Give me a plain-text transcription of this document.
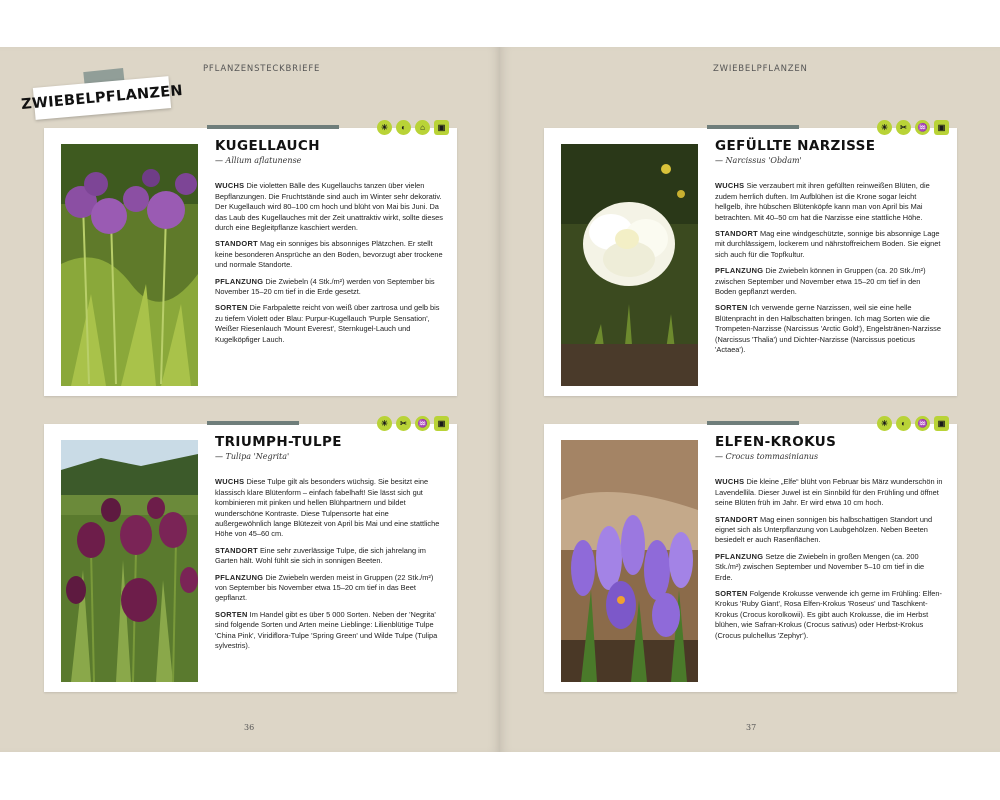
PFLANZENSTECKBRIEFE	ZWIEBELPFLANZEN
ZWIEBELPFLANZEN
36	37
☀	◐	⌂	▣
KUGELLAUCH
— Allium aflatunense

WUCHS Die violetten Bälle des Kugellauchs tanzen über vielen Bepflanzungen. Die Fruchtstände sind auch im Winter sehr dekorativ. Der Kugellauch wird 80–100 cm hoch und blüht von Mai bis Juni. Da das Laub des Kugellauches mit der Zeit unattraktiv wirkt, sollte dieses durch eine Begleitpflanze kaschiert werden.

STANDORT Mag ein sonniges bis absonniges Plätzchen. Er stellt keine besonderen Ansprüche an den Boden, bevorzugt aber trockene und normale Standorte.

PFLANZUNG Die Zwiebeln (4 Stk./m²) werden von September bis November 15–20 cm tief in die Erde gesetzt.

SORTEN Die Farbpalette reicht von weiß über zartrosa und gelb bis zu tiefem Violett oder Blau: Purpur-Kugellauch 'Purple Sensation', Weißer Riesenlauch 'Mount Everest', Sternkugel-Lauch und Kugelköpfiger Lauch.

☀	✂	♒	▣
GEFÜLLTE NARZISSE
— Narcissus 'Obdam'

WUCHS Sie verzaubert mit ihren gefüllten reinweißen Blüten, die zudem herrlich duften. Im Aufblühen ist die Krone sogar leicht hellgelb, ihre hübschen Blütenköpfe kann man von April bis Mai betrachten. Mit 40–50 cm hat die Narzisse eine stattliche Höhe.

STANDORT Mag eine windgeschützte, sonnige bis absonnige Lage mit durchlässigem, lockerem und nährstoffreichem Boden. Sie eignet sich auch für die Topfkultur.

PFLANZUNG Die Zwiebeln können in Gruppen (ca. 20 Stk./m²) zwischen September und November etwa 15–20 cm tief in den Boden gepflanzt werden.

SORTEN Ich verwende gerne Narzissen, weil sie eine helle Blütenpracht in den Halbschatten bringen. Ich mag Sorten wie die Trompeten-Narzisse (Narcissus 'Arctic Gold'), Engelstränen-Narzisse (Narcissus 'Thalia') und Dichter-Narzisse (Narcissus poeticus 'Actaea').

☀	✂	♒	▣
TRIUMPH-TULPE
— Tulipa 'Negrita'

WUCHS Diese Tulpe gilt als besonders wüchsig. Sie besitzt eine klassisch klare Blütenform – einfach fabelhaft! Sie lässt sich gut kombinieren mit pinken und hellen Blühpartnern und bildet wunderschöne Kontraste. Diese Tulpensorte hat eine außergewöhnlich lange Blütezeit von April bis Mai und eine stattliche Höhe von 45–60 cm.

STANDORT Eine sehr zuverlässige Tulpe, die sich jahrelang im Garten hält. Wohl fühlt sie sich in sonnigen Beeten.

PFLANZUNG Die Zwiebeln werden meist in Gruppen (22 Stk./m²) von September bis November etwa 15–20 cm tief in das Beet gepflanzt.

SORTEN Im Handel gibt es über 5 000 Sorten. Neben der 'Negrita' sind folgende Sorten und Arten meine Lieblinge: Lilienblütige Tulpe 'China Pink', Viridiflora-Tulpe 'Spring Green' und Wilde Tulpe (Tulipa sylvestris).

☀	◐	♒	▣
ELFEN-KROKUS
— Crocus tommasinianus

WUCHS Die kleine „Elfe“ blüht von Februar bis März wunderschön in Lavendellila. Dieser Juwel ist ein Sinnbild für den Frühling und öffnet seine Blüten früh im Jahr. Er wird etwa 10 cm hoch.

STANDORT Mag einen sonnigen bis halbschattigen Standort und eignet sich als Unterpflanzung von Laubgehölzen. Neben Beeten besiedelt er auch Rasenflächen.

PFLANZUNG Setze die Zwiebeln in großen Mengen (ca. 200 Stk./m²) zwischen September und November 5–10 cm tief in die Erde.

SORTEN Folgende Krokusse verwende ich gerne im Frühling: Elfen-Krokus 'Ruby Giant', Rosa Elfen-Krokus 'Roseus' und Taschkent-Krokus (Crocus korolkowii). Es gibt auch Krokusse, die im Herbst blühen, wie Safran-Krokus (Crocus sativus) oder Herbst-Krokus (Crocus pulchellus 'Zephyr').
